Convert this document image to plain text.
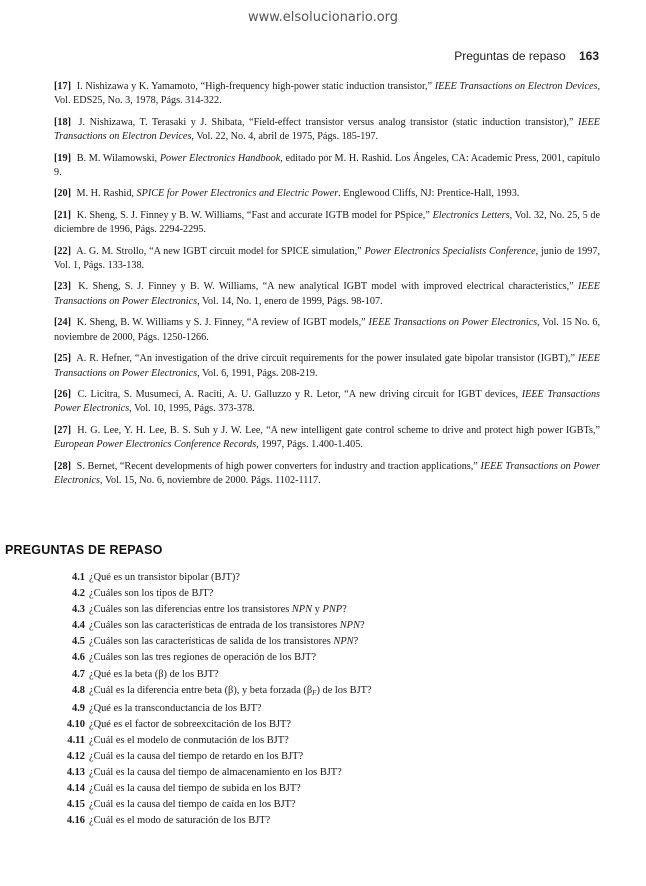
www.elsolucionario.org
Preguntas de repaso 163

[17] I. Nishizawa y K. Yamamoto, “High-frequency high-power static induction transistor,” IEEE Transactions on Electron Devices, Vol. EDS25, No. 3, 1978, Págs. 314-322.

[18] J. Nishizawa, T. Terasaki y J. Shibata, “Field-effect transistor versus analog transistor (static induction transistor),” IEEE Transactions on Electron Devices, Vol. 22, No. 4, abril de 1975, Págs. 185-197.

[19] B. M. Wilamowski, Power Electronics Handbook, editado por M. H. Rashid. Los Ángeles, CA: Academic Press, 2001, capítulo 9.

[20] M. H. Rashid, SPICE for Power Electronics and Electric Power. Englewood Cliffs, NJ: Prentice-Hall, 1993.

[21] K. Sheng, S. J. Finney y B. W. Williams, “Fast and accurate IGTB model for PSpice,” Electronics Letters, Vol. 32, No. 25, 5 de diciembre de 1996, Págs. 2294-2295.

[22] A. G. M. Strollo, “A new IGBT circuit model for SPICE simulation,” Power Electronics Specialists Conference, junio de 1997, Vol. 1, Págs. 133-138.

[23] K. Sheng, S. J. Finney y B. W. Williams, “A new analytical IGBT model with improved electrical characteristics,” IEEE Transactions on Power Electronics, Vol. 14, No. 1, enero de 1999, Págs. 98-107.

[24] K. Sheng, B. W. Williams y S. J. Finney, “A review of IGBT models,” IEEE Transactions on Power Electronics, Vol. 15 No. 6, noviembre de 2000, Págs. 1250-1266.

[25] A. R. Hefner, “An investigation of the drive circuit requirements for the power insulated gate bipolar transistor (IGBT),” IEEE Transactions on Power Electronics, Vol. 6, 1991, Págs. 208-219.

[26] C. Licitra, S. Musumeci, A. Raciti, A. U. Galluzzo y R. Letor, “A new driving circuit for IGBT devices, IEEE Transactions Power Electronics, Vol. 10, 1995, Págs. 373-378.

[27] H. G. Lee, Y. H. Lee, B. S. Suh y J. W. Lee, “A new intelligent gate control scheme to drive and protect high power IGBTs,” European Power Electronics Conference Records, 1997, Págs. 1.400-1.405.

[28] S. Bernet, “Recent developments of high power converters for industry and traction applications,” IEEE Transactions on Power Electronics, Vol. 15, No. 6, noviembre de 2000. Págs. 1102-1117.

PREGUNTAS DE REPASO
4.1 ¿Qué es un transistor bipolar (BJT)?
4.2 ¿Cuáles son los tipos de BJT?
4.3 ¿Cuáles son las diferencias entre los transistores NPN y PNP?
4.4 ¿Cuáles son las características de entrada de los transistores NPN?
4.5 ¿Cuáles son las características de salida de los transistores NPN?
4.6 ¿Cuáles son las tres regiones de operación de los BJT?
4.7 ¿Qué es la beta (β) de los BJT?
4.8 ¿Cuál es la diferencia entre beta (β), y beta forzada $(\beta_F)$ de los BJT?
4.9 ¿Qué es la transconductancia de los BJT?
4.10 ¿Qué es el factor de sobreexcitación de los BJT?
4.11 ¿Cuál es el modelo de conmutación de los BJT?
4.12 ¿Cuál es la causa del tiempo de retardo en los BJT?
4.13 ¿Cuál es la causa del tiempo de almacenamiento en los BJT?
4.14 ¿Cuál es la causa del tiempo de subida en los BJT?
4.15 ¿Cuál es la causa del tiempo de caída en los BJT?
4.16 ¿Cuál es el modo de saturación de los BJT?
